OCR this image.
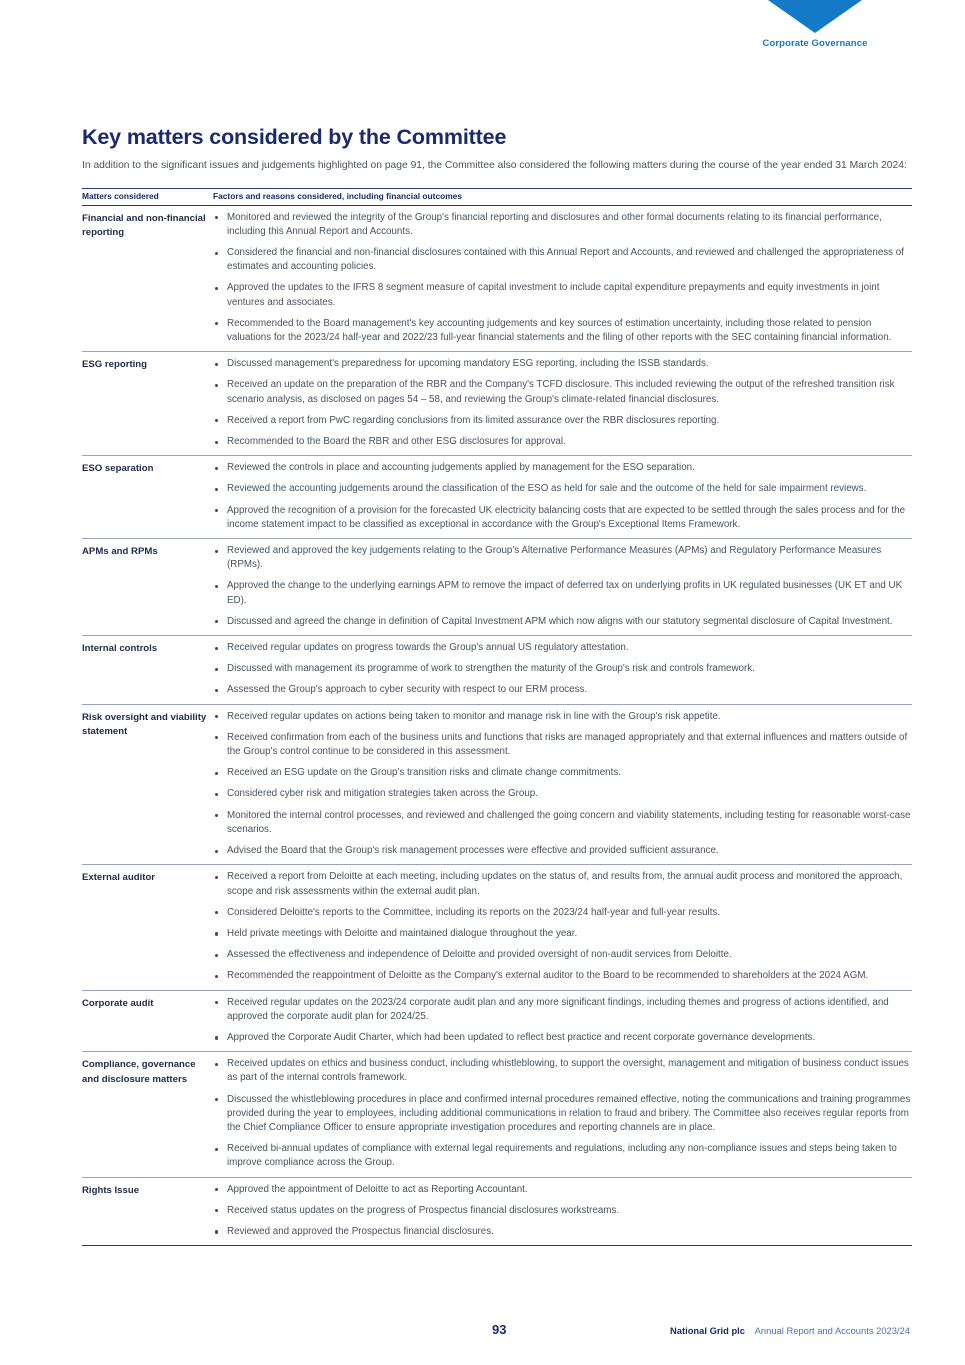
Corporate Governance
Key matters considered by the Committee

In addition to the significant issues and judgements highlighted on page 91, the Committee also considered the following matters during the course of the year ended 31 March 2024:

Matters considered	Factors and reasons considered, including financial outcomes
Financial and non-financial reporting	
Monitored and reviewed the integrity of the Group's financial reporting and disclosures and other formal documents relating to its financial performance, including this Annual Report and Accounts.
Considered the financial and non-financial disclosures contained with this Annual Report and Accounts, and reviewed and challenged the appropriateness of estimates and accounting policies.
Approved the updates to the IFRS 8 segment measure of capital investment to include capital expenditure prepayments and equity investments in joint ventures and associates.
Recommended to the Board management's key accounting judgements and key sources of estimation uncertainty, including those related to pension valuations for the 2023/24 half-year and 2022/23 full-year financial statements and the filing of other reports with the SEC containing financial information.

ESG reporting	Discussed management's preparedness for upcoming mandatory ESG reporting, including the ISSB standards.
Received an update on the preparation of the RBR and the Company's TCFD disclosure. This included reviewing the output of the refreshed transition risk scenario analysis, as disclosed on pages 54 – 58, and reviewing the Group's climate-related financial disclosures.
Received a report from PwC regarding conclusions from its limited assurance over the RBR disclosures reporting.
Recommended to the Board the RBR and other ESG disclosures for approval.

ESO separation	Reviewed the controls in place and accounting judgements applied by management for the ESO separation.
Reviewed the accounting judgements around the classification of the ESO as held for sale and the outcome of the held for sale impairment reviews.
Approved the recognition of a provision for the forecasted UK electricity balancing costs that are expected to be settled through the sales process and for the income statement impact to be classified as exceptional in accordance with the Group's Exceptional Items Framework.

APMs and RPMs	Reviewed and approved the key judgements relating to the Group's Alternative Performance Measures (APMs) and Regulatory Performance Measures (RPMs).
Approved the change to the underlying earnings APM to remove the impact of deferred tax on underlying profits in UK regulated businesses (UK ET and UK ED).
Discussed and agreed the change in definition of Capital Investment APM which now aligns with our statutory segmental disclosure of Capital Investment.

Internal controls	Received regular updates on progress towards the Group's annual US regulatory attestation.
Discussed with management its programme of work to strengthen the maturity of the Group's risk and controls framework.
Assessed the Group's approach to cyber security with respect to our ERM process.

Risk oversight and viability statement	
Received regular updates on actions being taken to monitor and manage risk in line with the Group's risk appetite.
Received confirmation from each of the business units and functions that risks are managed appropriately and that external influences and matters outside of the Group's control continue to be considered in this assessment.
Received an ESG update on the Group's transition risks and climate change commitments.
Considered cyber risk and mitigation strategies taken across the Group.
Monitored the internal control processes, and reviewed and challenged the going concern and viability statements, including testing for reasonable worst-case scenarios.
Advised the Board that the Group's risk management processes were effective and provided sufficient assurance.

External auditor	Received a report from Deloitte at each meeting, including updates on the status of, and results from, the annual audit process and monitored the approach, scope and risk assessments within the external audit plan.
Considered Deloitte's reports to the Committee, including its reports on the 2023/24 half-year and full-year results.
Held private meetings with Deloitte and maintained dialogue throughout the year.
Assessed the effectiveness and independence of Deloitte and provided oversight of non-audit services from Deloitte.
Recommended the reappointment of Deloitte as the Company's external auditor to the Board to be recommended to shareholders at the 2024 AGM.

Corporate audit	Received regular updates on the 2023/24 corporate audit plan and any more significant findings, including themes and progress of actions identified, and approved the corporate audit plan for 2024/25.
Approved the Corporate Audit Charter, which had been updated to reflect best practice and recent corporate governance developments.

Compliance, governance and disclosure matters	
Received updates on ethics and business conduct, including whistleblowing, to support the oversight, management and mitigation of business conduct issues as part of the internal controls framework.
Discussed the whistleblowing procedures in place and confirmed internal procedures remained effective, noting the communications and training programmes provided during the year to employees, including additional communications in relation to fraud and bribery. The Committee also receives regular reports from the Chief Compliance Officer to ensure appropriate investigation procedures and reporting channels are in place.
Received bi-annual updates of compliance with external legal requirements and regulations, including any non-compliance issues and steps being taken to improve compliance across the Group.

Rights Issue	Approved the appointment of Deloitte to act as Reporting Accountant.
Received status updates on the progress of Prospectus financial disclosures workstreams.
Reviewed and approved the Prospectus financial disclosures.
93	National Grid plc Annual Report and Accounts 2023/24
